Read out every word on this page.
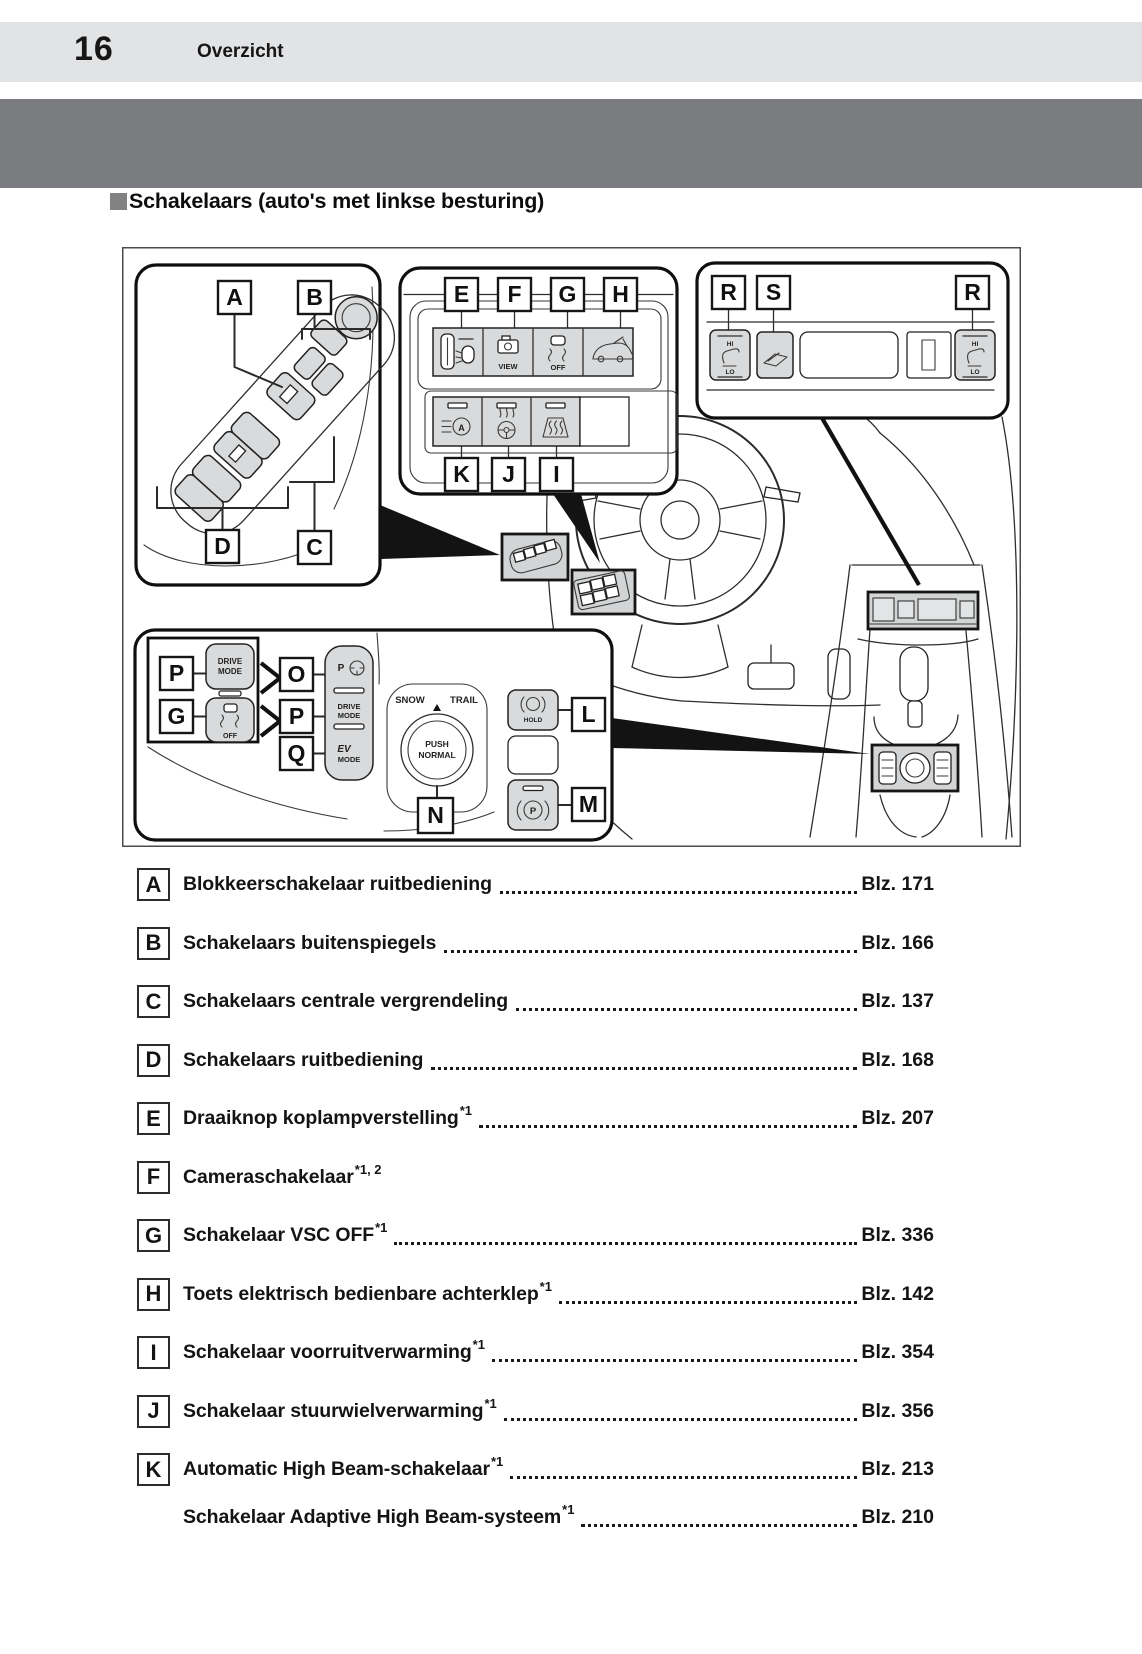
16	Overzicht
Schakelaars (auto's met linkse besturing)
VIEW	OFF
A
HI
LO
HI
LO
DRIVE
MODE
OFF
P
DRIVE
MODE
EV
MODE
SNOW	TRAIL
PUSH
NORMAL
HOLD
P
A	B
D	C
E F G H
K J I
R S	R
P
G
O
P
Q
N
L
M
A	Blokkeerschakelaar ruitbediening	Blz. 171
B	Schakelaars buitenspiegels	Blz. 166
C	Schakelaars centrale vergrendeling	Blz. 137
D	Schakelaars ruitbediening	Blz. 168
E	Draaiknop koplampverstelling *1	Blz. 207
F	Cameraschakelaar *1, 2
G	Schakelaar VSC OFF *1	Blz. 336
H	Toets elektrisch bedienbare achterklep *1	Blz. 142
I	Schakelaar voorruitverwarming *1	Blz. 354
J	Schakelaar stuurwielverwarming *1	Blz. 356
K	Automatic High Beam-schakelaar *1	Blz. 213
Schakelaar Adaptive High Beam-systeem *1	Blz. 210
